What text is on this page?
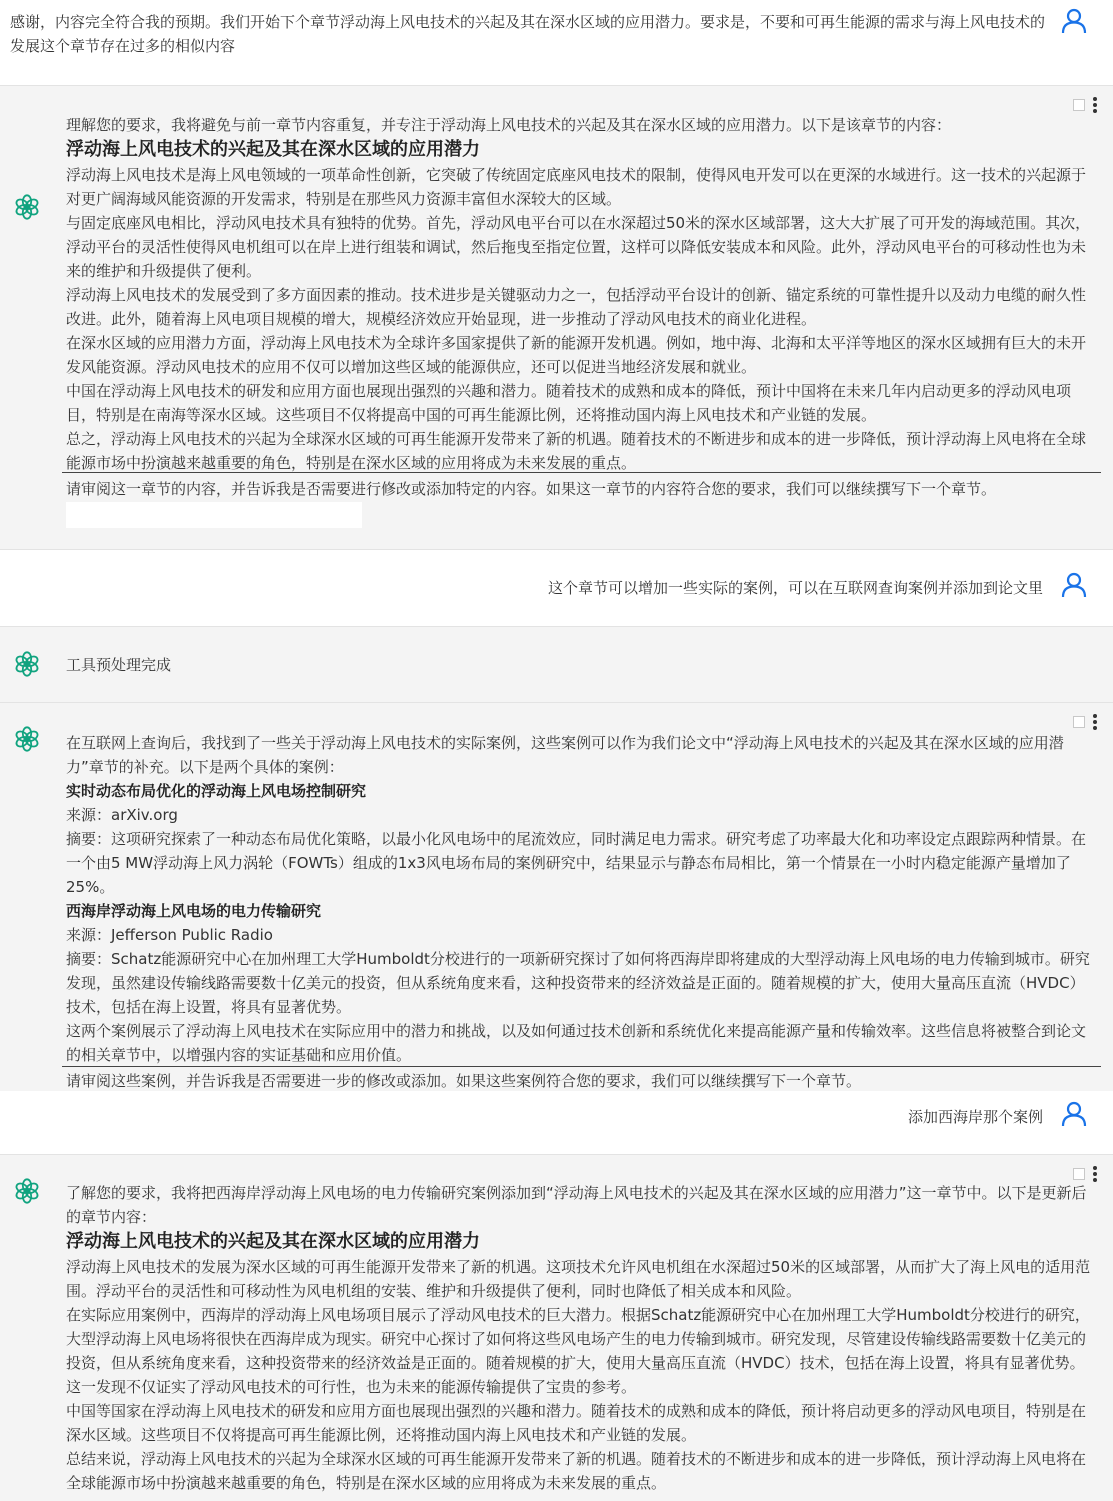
感谢，内容完全符合我的预期。我们开始下个章节浮动海上风电技术的兴起及其在深水区域的应用潜力。要求是，不要和可再生能源的需求与海上风电技术的发展这个章节存在过多的相似内容

理解您的要求，我将避免与前一章节内容重复，并专注于浮动海上风电技术的兴起及其在深水区域的应用潜力。以下是该章节的内容：

浮动海上风电技术的兴起及其在深水区域的应用潜力

浮动海上风电技术是海上风电领域的一项革命性创新，它突破了传统固定底座风电技术的限制，使得风电开发可以在更深的水域进行。这一技术的兴起源于对更广阔海域风能资源的开发需求，特别是在那些风力资源丰富但水深较大的区域。

与固定底座风电相比，浮动风电技术具有独特的优势。首先，浮动风电平台可以在水深超过50米的深水区域部署，这大大扩展了可开发的海域范围。其次，浮动平台的灵活性使得风电机组可以在岸上进行组装和调试，然后拖曳至指定位置，这样可以降低安装成本和风险。此外，浮动风电平台的可移动性也为未来的维护和升级提供了便利。

浮动海上风电技术的发展受到了多方面因素的推动。技术进步是关键驱动力之一，包括浮动平台设计的创新、锚定系统的可靠性提升以及动力电缆的耐久性改进。此外，随着海上风电项目规模的增大，规模经济效应开始显现，进一步推动了浮动风电技术的商业化进程。

在深水区域的应用潜力方面，浮动海上风电技术为全球许多国家提供了新的能源开发机遇。例如，地中海、北海和太平洋等地区的深水区域拥有巨大的未开发风能资源。浮动风电技术的应用不仅可以增加这些区域的能源供应，还可以促进当地经济发展和就业。

中国在浮动海上风电技术的研发和应用方面也展现出强烈的兴趣和潜力。随着技术的成熟和成本的降低，预计中国将在未来几年内启动更多的浮动风电项目，特别是在南海等深水区域。这些项目不仅将提高中国的可再生能源比例，还将推动国内海上风电技术和产业链的发展。

总之，浮动海上风电技术的兴起为全球深水区域的可再生能源开发带来了新的机遇。随着技术的不断进步和成本的进一步降低，预计浮动海上风电将在全球能源市场中扮演越来越重要的角色，特别是在深水区域的应用将成为未来发展的重点。

请审阅这一章节的内容，并告诉我是否需要进行修改或添加特定的内容。如果这一章节的内容符合您的要求，我们可以继续撰写下一个章节。

这个章节可以增加一些实际的案例，可以在互联网查询案例并添加到论文里

工具预处理完成

在互联网上查询后，我找到了一些关于浮动海上风电技术的实际案例，这些案例可以作为我们论文中“浮动海上风电技术的兴起及其在深水区域的应用潜力”章节的补充。以下是两个具体的案例：

实时动态布局优化的浮动海上风电场控制研究

来源：arXiv.org

摘要：这项研究探索了一种动态布局优化策略，以最小化风电场中的尾流效应，同时满足电力需求。研究考虑了功率最大化和功率设定点跟踪两种情景。在一个由5 MW浮动海上风力涡轮（FOWTs）组成的1x3风电场布局的案例研究中，结果显示与静态布局相比，第一个情景在一小时内稳定能源产量增加了25%。

西海岸浮动海上风电场的电力传输研究

来源：Jefferson Public Radio

摘要：Schatz能源研究中心在加州理工大学Humboldt分校进行的一项新研究探讨了如何将西海岸即将建成的大型浮动海上风电场的电力传输到城市。研究发现，虽然建设传输线路需要数十亿美元的投资，但从系统角度来看，这种投资带来的经济效益是正面的。随着规模的扩大，使用大量高压直流（HVDC）技术，包括在海上设置，将具有显著优势。

这两个案例展示了浮动海上风电技术在实际应用中的潜力和挑战，以及如何通过技术创新和系统优化来提高能源产量和传输效率。这些信息将被整合到论文的相关章节中，以增强内容的实证基础和应用价值。

请审阅这些案例，并告诉我是否需要进一步的修改或添加。如果这些案例符合您的要求，我们可以继续撰写下一个章节。

添加西海岸那个案例

了解您的要求，我将把西海岸浮动海上风电场的电力传输研究案例添加到“浮动海上风电技术的兴起及其在深水区域的应用潜力”这一章节中。以下是更新后的章节内容：

浮动海上风电技术的兴起及其在深水区域的应用潜力

浮动海上风电技术的发展为深水区域的可再生能源开发带来了新的机遇。这项技术允许风电机组在水深超过50米的区域部署，从而扩大了海上风电的适用范围。浮动平台的灵活性和可移动性为风电机组的安装、维护和升级提供了便利，同时也降低了相关成本和风险。

在实际应用案例中，西海岸的浮动海上风电场项目展示了浮动风电技术的巨大潜力。根据Schatz能源研究中心在加州理工大学Humboldt分校进行的研究，大型浮动海上风电场将很快在西海岸成为现实。研究中心探讨了如何将这些风电场产生的电力传输到城市。研究发现，尽管建设传输线路需要数十亿美元的投资，但从系统角度来看，这种投资带来的经济效益是正面的。随着规模的扩大，使用大量高压直流（HVDC）技术，包括在海上设置，将具有显著优势。这一发现不仅证实了浮动风电技术的可行性，也为未来的能源传输提供了宝贵的参考。

中国等国家在浮动海上风电技术的研发和应用方面也展现出强烈的兴趣和潜力。随着技术的成熟和成本的降低，预计将启动更多的浮动风电项目，特别是在深水区域。这些项目不仅将提高可再生能源比例，还将推动国内海上风电技术和产业链的发展。

总结来说，浮动海上风电技术的兴起为全球深水区域的可再生能源开发带来了新的机遇。随着技术的不断进步和成本的进一步降低，预计浮动海上风电将在全球能源市场中扮演越来越重要的角色，特别是在深水区域的应用将成为未来发展的重点。
